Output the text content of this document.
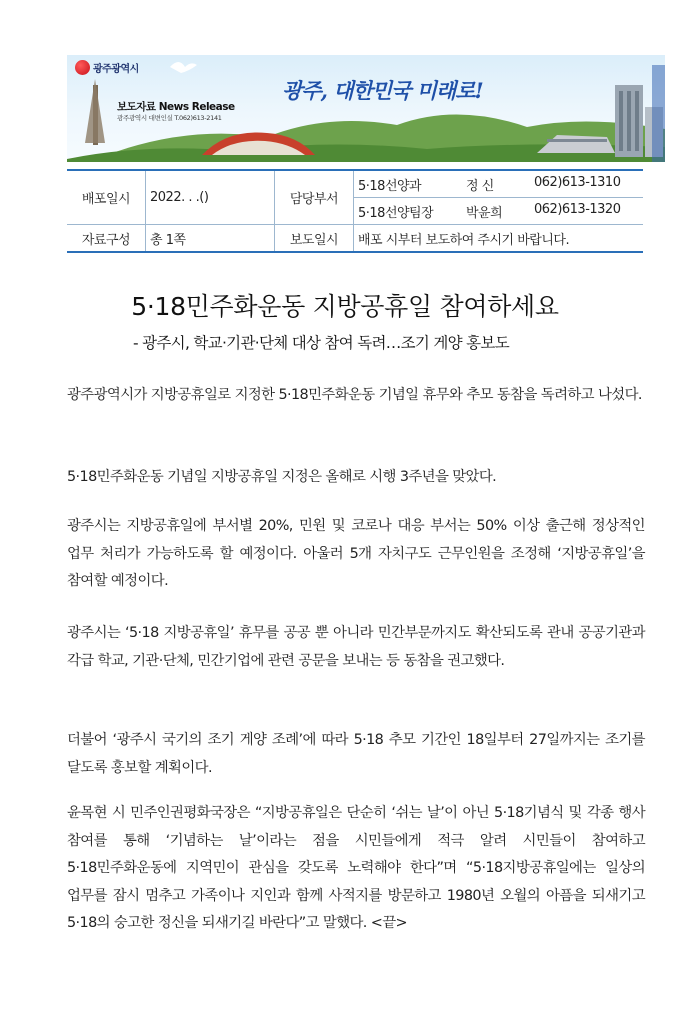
광주광역시
보도자료 News Release
광주광역시 대변인실 T.062)613-2141
광주, 대한민국 미래로!
배포일시	2022. . .()	담당부서	5·18선양과 정 신 062)613-1310

			5·18선양팀장 박윤희 062)613-1320

자료구성	총 1쪽	보도일시	배포 시부터 보도하여 주시기 바랍니다.
5·18민주화운동 지방공휴일 참여하세요
- 광주시, 학교·기관·단체 대상 참여 독려…조기 게양 홍보도

광주광역시가 지방공휴일로 지정한 5·18민주화운동 기념일 휴무와 추모 동참을 독려하고 나섰다.

5·18민주화운동 기념일 지방공휴일 지정은 올해로 시행 3주년을 맞았다.

광주시는 지방공휴일에 부서별 20%, 민원 및 코로나 대응 부서는 50% 이상 출근해 정상적인 업무 처리가 가능하도록 할 예정이다. 아울러 5개 자치구도 근무인원을 조정해 ‘지방공휴일’을 참여할 예정이다.

광주시는 ‘5·18 지방공휴일’ 휴무를 공공 뿐 아니라 민간부문까지도 확산되도록 관내 공공기관과 각급 학교, 기관·단체, 민간기업에 관련 공문을 보내는 등 동참을 권고했다.

더불어 ‘광주시 국기의 조기 게양 조례’에 따라 5·18 추모 기간인 18일부터 27일까지는 조기를 달도록 홍보할 계획이다.

윤목현 시 민주인권평화국장은 “지방공휴일은 단순히 ‘쉬는 날’이 아닌 5·18기념식 및 각종 행사 참여를 통해 ‘기념하는 날’이라는 점을 시민들에게 적극 알려 시민들이 참여하고 5·18민주화운동에 지역민이 관심을 갖도록 노력해야 한다”며 “5·18지방공휴일에는 일상의 업무를 잠시 멈추고 가족이나 지인과 함께 사적지를 방문하고 1980년 오월의 아픔을 되새기고 5·18의 숭고한 정신을 되새기길 바란다”고 말했다. <끝>
